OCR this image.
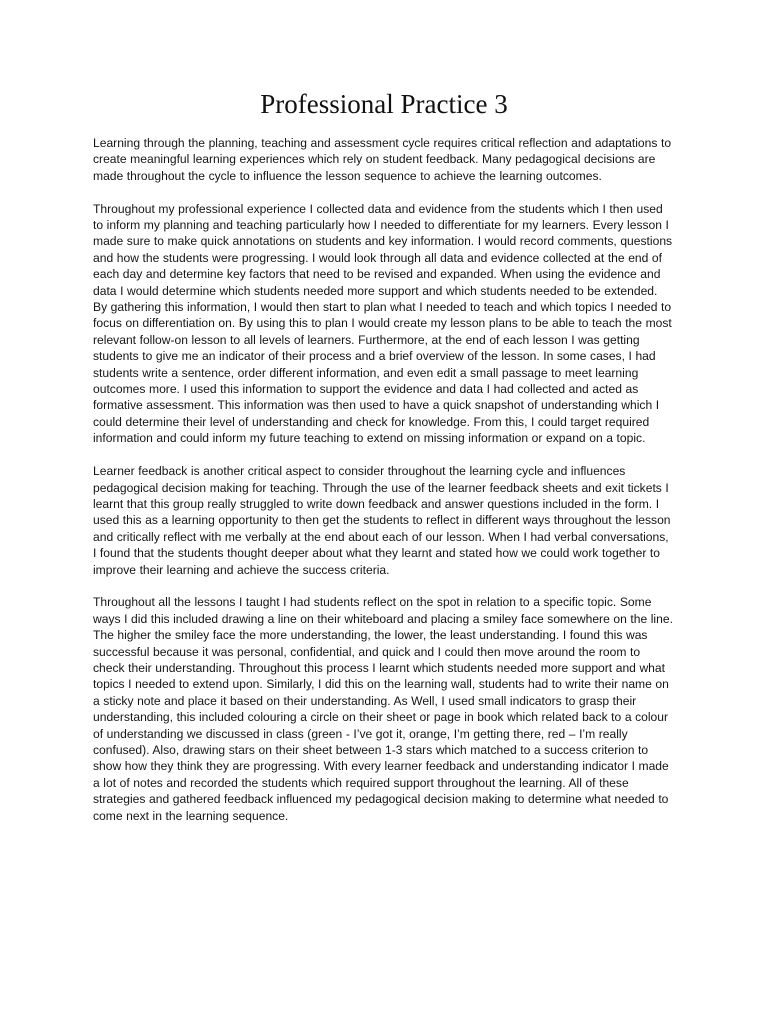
Professional Practice 3

Learning through the planning, teaching and assessment cycle requires critical reflection and adaptations to create meaningful learning experiences which rely on student feedback. Many pedagogical decisions are made throughout the cycle to influence the lesson sequence to achieve the learning outcomes.

Throughout my professional experience I collected data and evidence from the students which I then used to inform my planning and teaching particularly how I needed to differentiate for my learners. Every lesson I made sure to make quick annotations on students and key information. I would record comments, questions and how the students were progressing. I would look through all data and evidence collected at the end of each day and determine key factors that need to be revised and expanded. When using the evidence and data I would determine which students needed more support and which students needed to be extended. By gathering this information, I would then start to plan what I needed to teach and which topics I needed to focus on differentiation on. By using this to plan I would create my lesson plans to be able to teach the most relevant follow-on lesson to all levels of learners. Furthermore, at the end of each lesson I was getting students to give me an indicator of their process and a brief overview of the lesson. In some cases, I had students write a sentence, order different information, and even edit a small passage to meet learning outcomes more. I used this information to support the evidence and data I had collected and acted as formative assessment. This information was then used to have a quick snapshot of understanding which I could determine their level of understanding and check for knowledge. From this, I could target required information and could inform my future teaching to extend on missing information or expand on a topic.

Learner feedback is another critical aspect to consider throughout the learning cycle and influences pedagogical decision making for teaching. Through the use of the learner feedback sheets and exit tickets I learnt that this group really struggled to write down feedback and answer questions included in the form. I used this as a learning opportunity to then get the students to reflect in different ways throughout the lesson and critically reflect with me verbally at the end about each of our lesson. When I had verbal conversations, I found that the students thought deeper about what they learnt and stated how we could work together to improve their learning and achieve the success criteria.

Throughout all the lessons I taught I had students reflect on the spot in relation to a specific topic. Some ways I did this included drawing a line on their whiteboard and placing a smiley face somewhere on the line. The higher the smiley face the more understanding, the lower, the least understanding. I found this was successful because it was personal, confidential, and quick and I could then move around the room to check their understanding. Throughout this process I learnt which students needed more support and what topics I needed to extend upon. Similarly, I did this on the learning wall, students had to write their name on a sticky note and place it based on their understanding. As Well, I used small indicators to grasp their understanding, this included colouring a circle on their sheet or page in book which related back to a colour of understanding we discussed in class (green - I’ve got it, orange, I’m getting there, red – I’m really confused). Also, drawing stars on their sheet between 1-3 stars which matched to a success criterion to show how they think they are progressing. With every learner feedback and understanding indicator I made a lot of notes and recorded the students which required support throughout the learning. All of these strategies and gathered feedback influenced my pedagogical decision making to determine what needed to come next in the learning sequence.
